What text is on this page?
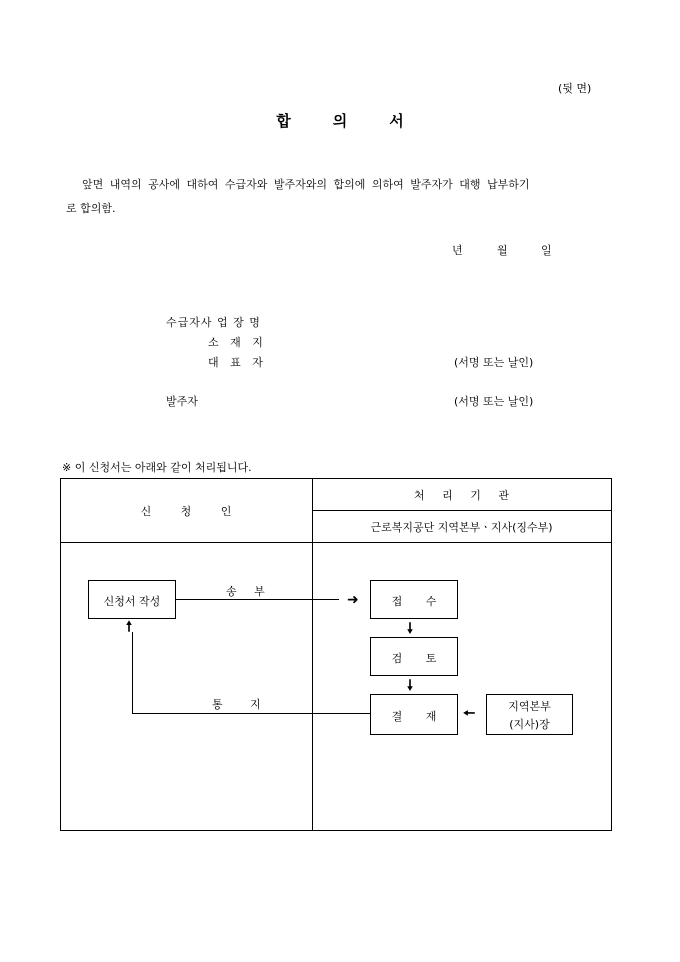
(뒷 면)
합의서
앞면 내역의 공사에 대하여 수급자와 발주자와의 합의에 의하여 발주자가 대행 납부하기
로 합의함.
년	월	일
수급자사 업 장 명
소 재 지
대 표 자	(서명 또는 날인)
발주자	(서명 또는 날인)
※ 이 신청서는 아래와 같이 처리됩니다.
신 청 인
처 리 기 관
근로복지공단 지역본부ㆍ지사(징수부)
신청서 작성	접 수
검 토
결 재
지역본부
(지사)장
➜
🠕	🠗
🠗
🠔
송 부
통 지
